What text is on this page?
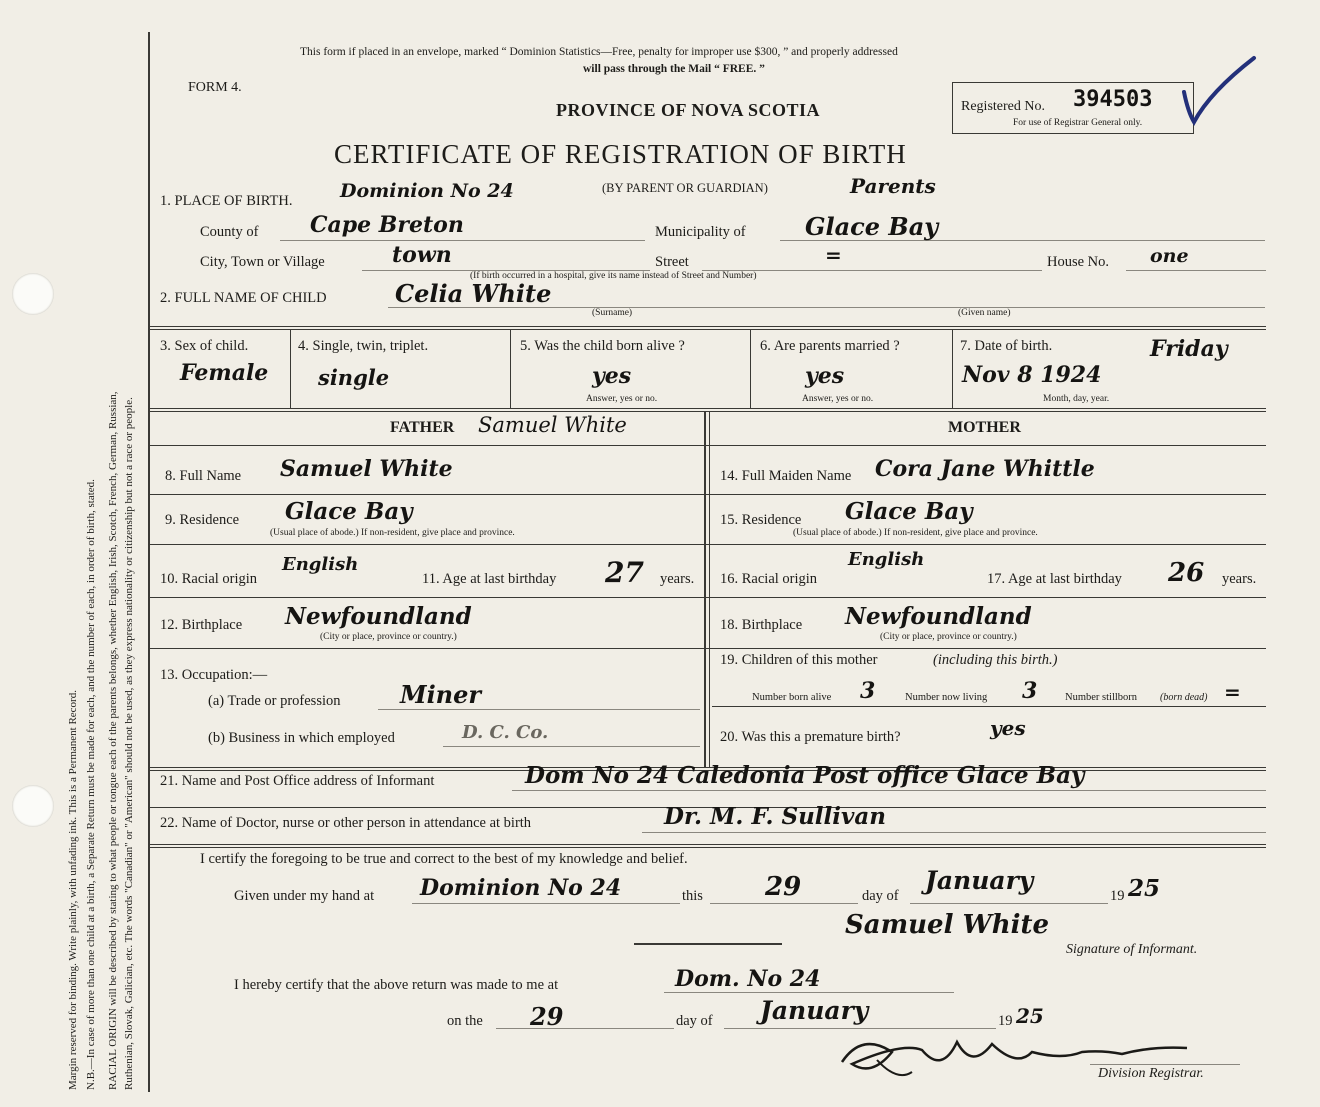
Margin reserved for binding. Write plainly, with unfading ink. This is a Permanent Record. N.B.—In case of more than one child at a birth, a Separate Return must be made for each, and the number of each, in order of birth, stated. RACIAL ORIGIN will be described by stating to what people or tongue each of the parents belongs, whether English, Irish, Scotch, French, German, Russian, Ruthenian, Slovak, Galician, etc. The words "Canadian" or "American" should not be used, as they express nationality or citizenship but not a race or people.
This form if placed in an envelope, marked “ Dominion Statistics—Free, penalty for improper use $300, ” and properly addressed
will pass through the Mail “ FREE. ”
FORM 4.
PROVINCE OF NOVA SCOTIA
CERTIFICATE OF REGISTRATION OF BIRTH
Registered No. 394503
For use of Registrar General only.
1. PLACE OF BIRTH.	Dominion No 24	(BY PARENT OR GUARDIAN)	Parents
County of Cape Breton	Municipality of Glace Bay
City, Town or Village	town	Street	=	House No. one
(If birth occurred in a hospital, give its name instead of Street and Number)
2. FULL NAME OF CHILD	Celia White
(Surname)	(Given name)
3. Sex of child.
Female
4. Single, twin, triplet.
single
5. Was the child born alive ?
yes
Answer, yes or no.
6. Are parents married ?
yes
Answer, yes or no.
7. Date of birth.
Nov 8 1924
Friday
Month, day, year.
FATHER Samuel White	MOTHER
8. Full Name Samuel White	14. Full Maiden Name Cora Jane Whittle
9. Residence Glace Bay
(Usual place of abode.) If non-resident, give place and province.
15. Residence Glace Bay
(Usual place of abode.) If non-resident, give place and province.
10. Racial origin
English
11. Age at last birthday 27 years. 16. Racial origin
English
17. Age at last birthday 26 years.
12. Birthplace Newfoundland
(City or place, province or country.)
18. Birthplace Newfoundland
(City or place, province or country.)
13. Occupation:—
(a) Trade or profession Miner
(b) Business in which employed	D. C. Co.
19. Children of this mother	(including this birth.)
Number born alive 3	Number now living 3	Number stillborn (born dead) =
20. Was this a premature birth?	yes
21. Name and Post Office address of Informant	Dom No 24 Caledonia Post office Glace Bay
22. Name of Doctor, nurse or other person in attendance at birth	Dr. M. F. Sullivan
I certify the foregoing to be true and correct to the best of my knowledge and belief.
Given under my hand at Dominion No 24	this 29	day of
January
19 25
Samuel White
Signature of Informant.
I hereby certify that the above return was made to me at	Dom. No 24
on the 29	day of January	19 25
Division Registrar.
